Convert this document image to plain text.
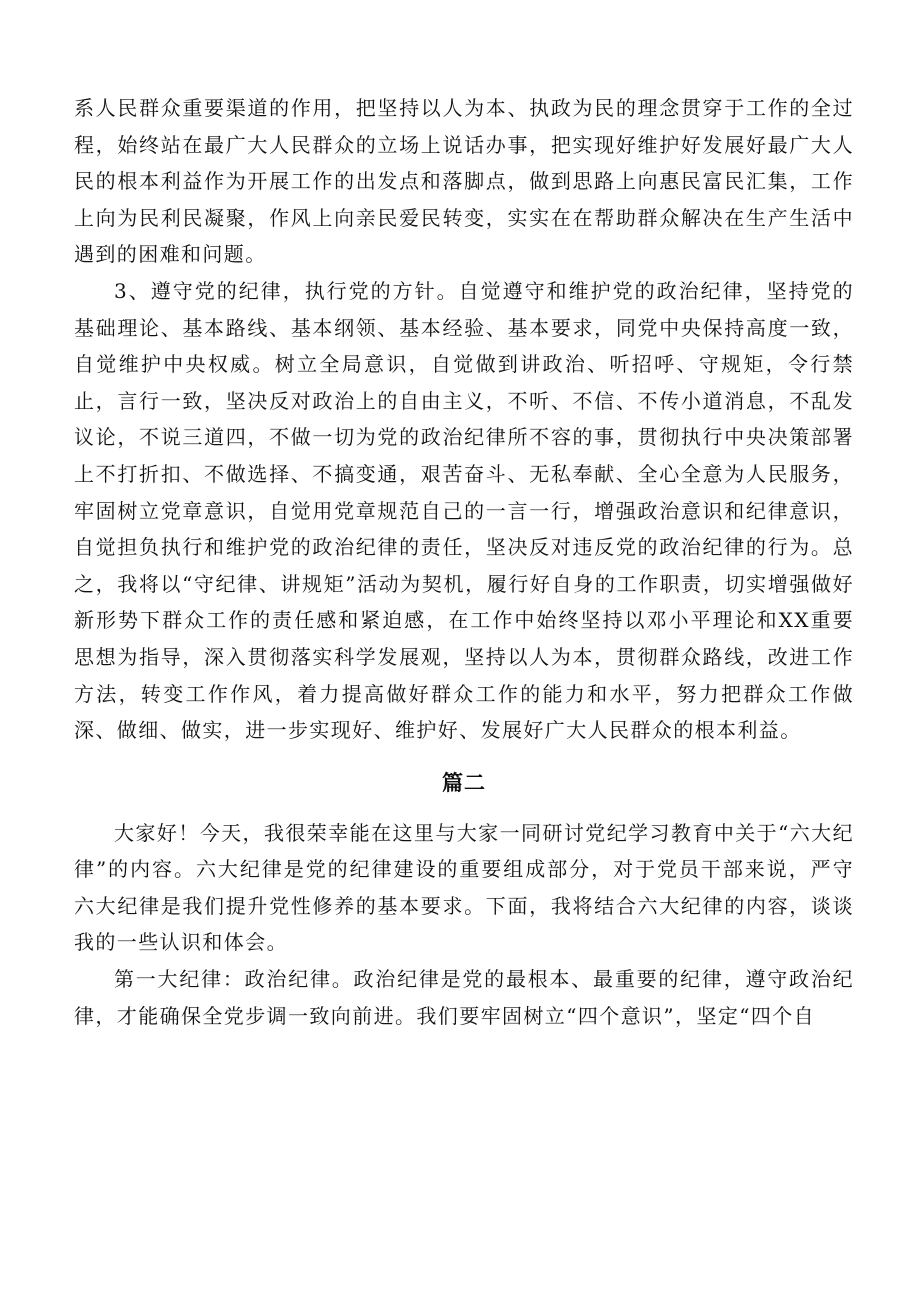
系人民群众重要渠道的作用，把坚持以人为本、执政为民的理念贯穿于工作的全过程，始终站在最广大人民群众的立场上说话办事，把实现好维护好发展好最广大人民的根本利益作为开展工作的出发点和落脚点，做到思路上向惠民富民汇集，工作上向为民利民凝聚，作风上向亲民爱民转变，实实在在帮助群众解决在生产生活中遇到的困难和问题。

3、遵守党的纪律，执行党的方针。自觉遵守和维护党的政治纪律，坚持党的基础理论、基本路线、基本纲领、基本经验、基本要求，同党中央保持高度一致，自觉维护中央权威。树立全局意识，自觉做到讲政治、听招呼、守规矩，令行禁止，言行一致，坚决反对政治上的自由主义，不听、不信、不传小道消息，不乱发议论，不说三道四，不做一切为党的政治纪律所不容的事，贯彻执行中央决策部署上不打折扣、不做选择、不搞变通，艰苦奋斗、无私奉献、全心全意为人民服务，牢固树立党章意识，自觉用党章规范自己的一言一行，增强政治意识和纪律意识，自觉担负执行和维护党的政治纪律的责任，坚决反对违反党的政治纪律的行为。总之，我将以“守纪律、讲规矩”活动为契机，履行好自身的工作职责，切实增强做好新形势下群众工作的责任感和紧迫感，在工作中始终坚持以邓小平理论和XX重要思想为指导，深入贯彻落实科学发展观，坚持以人为本，贯彻群众路线，改进工作方法，转变工作作风，着力提高做好群众工作的能力和水平，努力把群众工作做深、做细、做实，进一步实现好、维护好、发展好广大人民群众的根本利益。

篇二

大家好！今天，我很荣幸能在这里与大家一同研讨党纪学习教育中关于“六大纪律”的内容。六大纪律是党的纪律建设的重要组成部分，对于党员干部来说，严守六大纪律是我们提升党性修养的基本要求。下面，我将结合六大纪律的内容，谈谈我的一些认识和体会。

第一大纪律：政治纪律。政治纪律是党的最根本、最重要的纪律，遵守政治纪律，才能确保全党步调一致向前进。我们要牢固树立“四个意识”，坚定“四个自
